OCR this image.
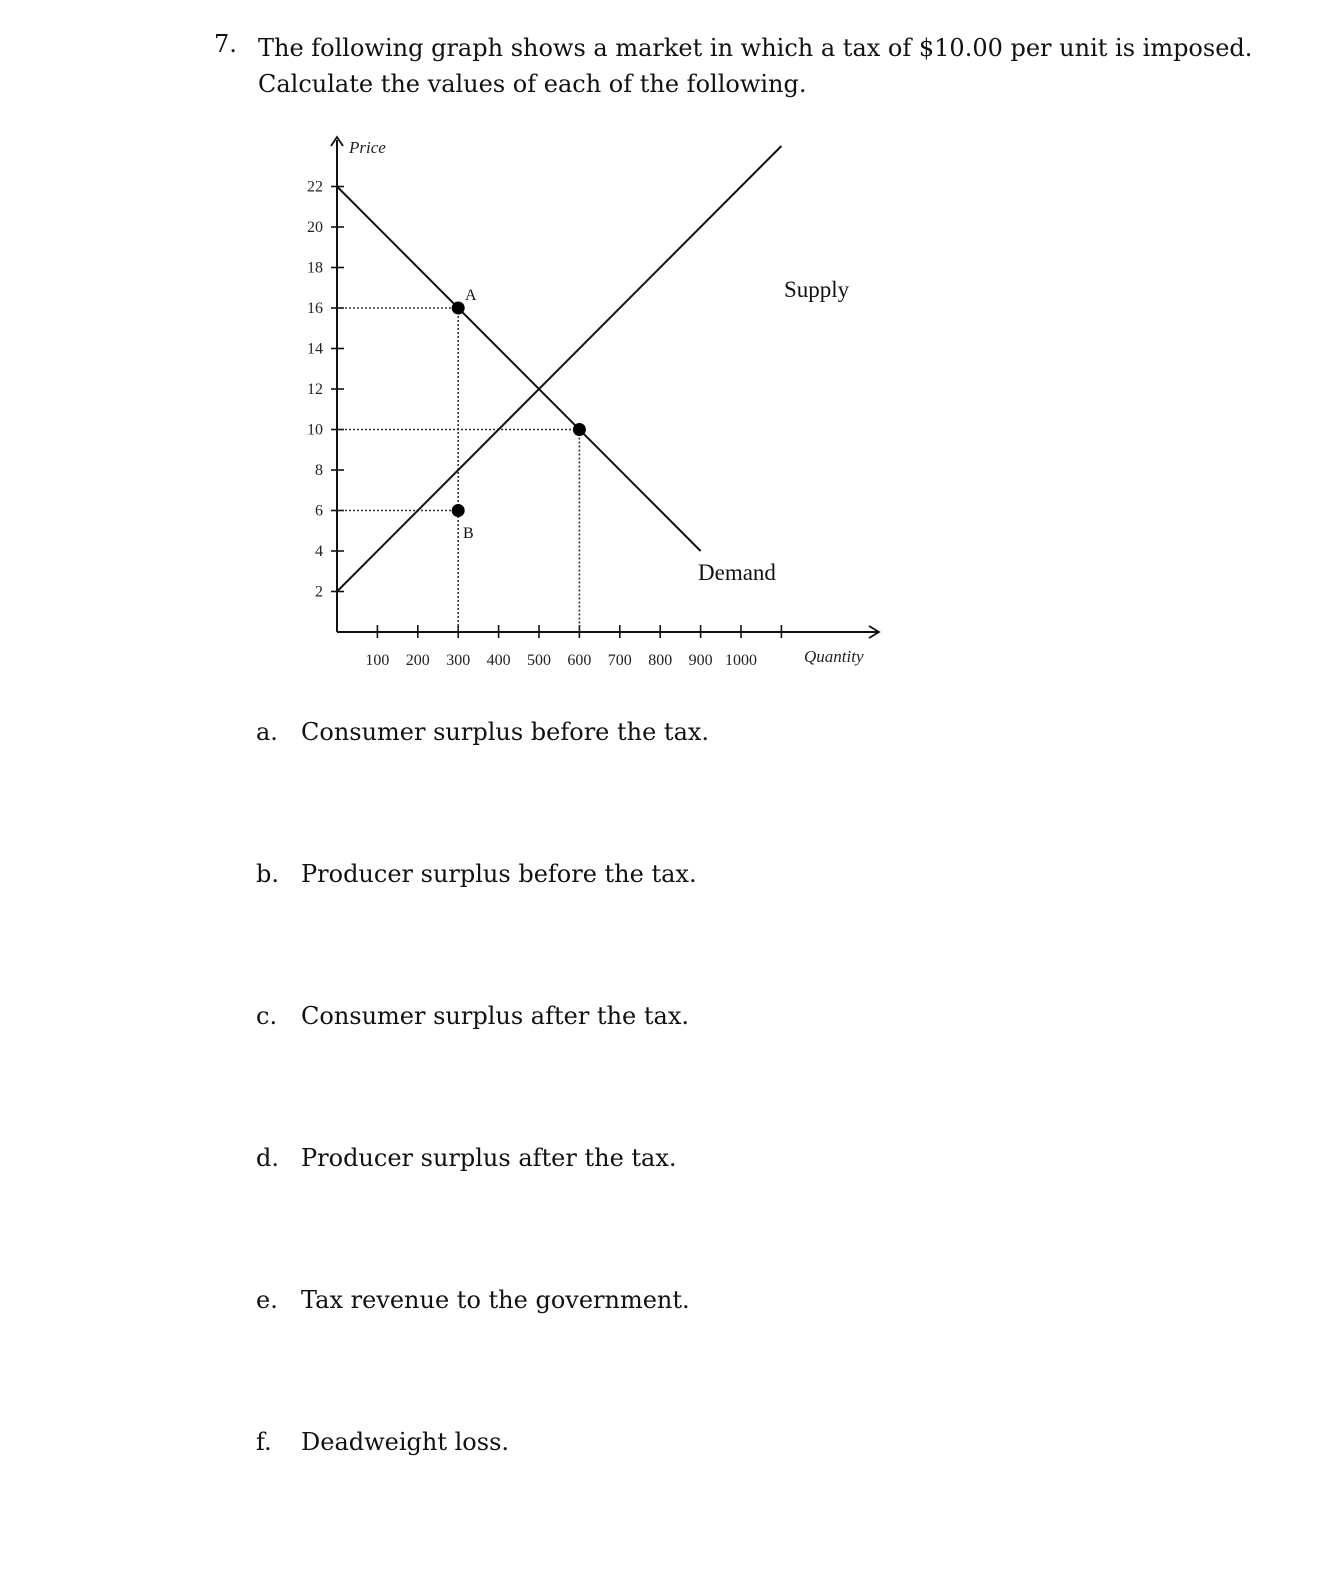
7. The following graph shows a market in which a tax of $10.00 per unit is imposed. Calculate the values of each of the following.
2
4
6
8
10
12
14
16
18
20
22
100 200 300 400 500 600 700 800 900 1000
Price
Quantity
Demand
Supply
A
B
a. Consumer surplus before the tax.
b. Producer surplus before the tax.
c. Consumer surplus after the tax.
d. Producer surplus after the tax.
e. Tax revenue to the government.
f.	Deadweight loss.
